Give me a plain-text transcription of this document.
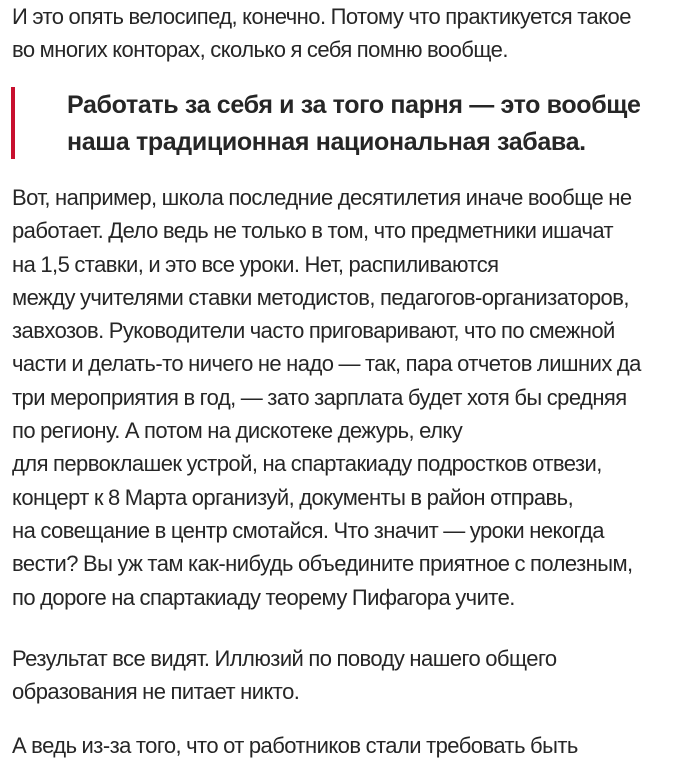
И это опять велосипед, конечно. Потому что практикуется такое
во многих конторах, сколько я себя помню вообще.

Работать за себя и за того парня — это вообще
наша традиционная национальная забава.

Вот, например, школа последние десятилетия иначе вообще не
работает. Дело ведь не только в том, что предметники ишачат
на 1,5 ставки, и это все уроки. Нет, распиливаются
между учителями ставки методистов, педагогов-организаторов,
завхозов. Руководители часто приговаривают, что по смежной
части и делать-то ничего не надо — так, пара отчетов лишних да
три мероприятия в год, — зато зарплата будет хотя бы средняя
по региону. А потом на дискотеке дежурь, елку
для первоклашек устрой, на спартакиаду подростков отвези,
концерт к 8 Марта организуй, документы в район отправь,
на совещание в центр смотайся. Что значит — уроки некогда
вести? Вы уж там как-нибудь объедините приятное с полезным,
по дороге на спартакиаду теорему Пифагора учите.

Результат все видят. Иллюзий по поводу нашего общего
образования не питает никто.

А ведь из-за того, что от работников стали требовать быть
